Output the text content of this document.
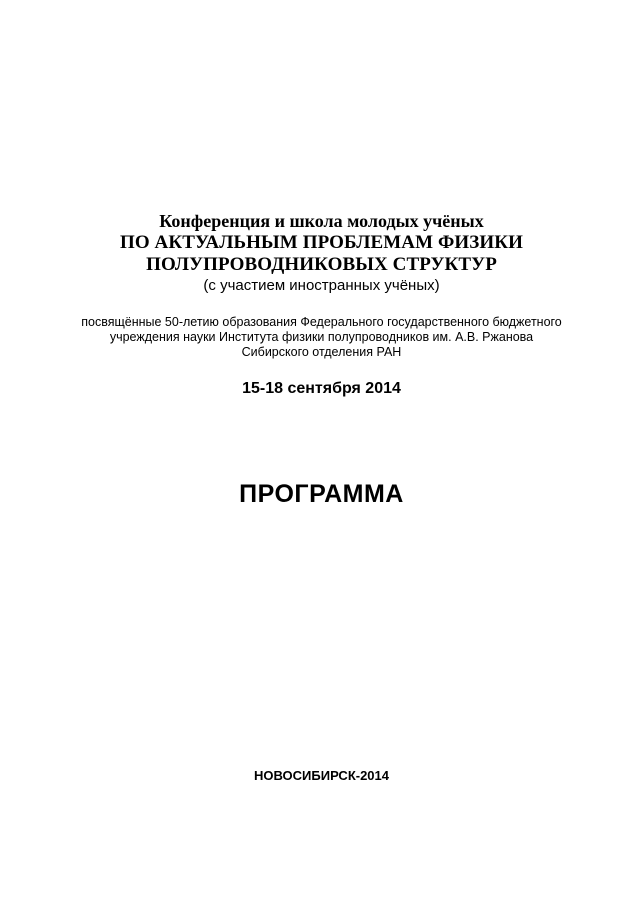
Конференция и школа молодых учёных
ПО АКТУАЛЬНЫМ ПРОБЛЕМАМ ФИЗИКИ
ПОЛУПРОВОДНИКОВЫХ СТРУКТУР
(с участием иностранных учёных)
посвящённые 50-летию образования Федерального государственного бюджетного
учреждения науки Института физики полупроводников им. А.В. Ржанова
Сибирского отделения РАН
15-18 сентября 2014
ПРОГРАММА
НОВОСИБИРСК-2014
